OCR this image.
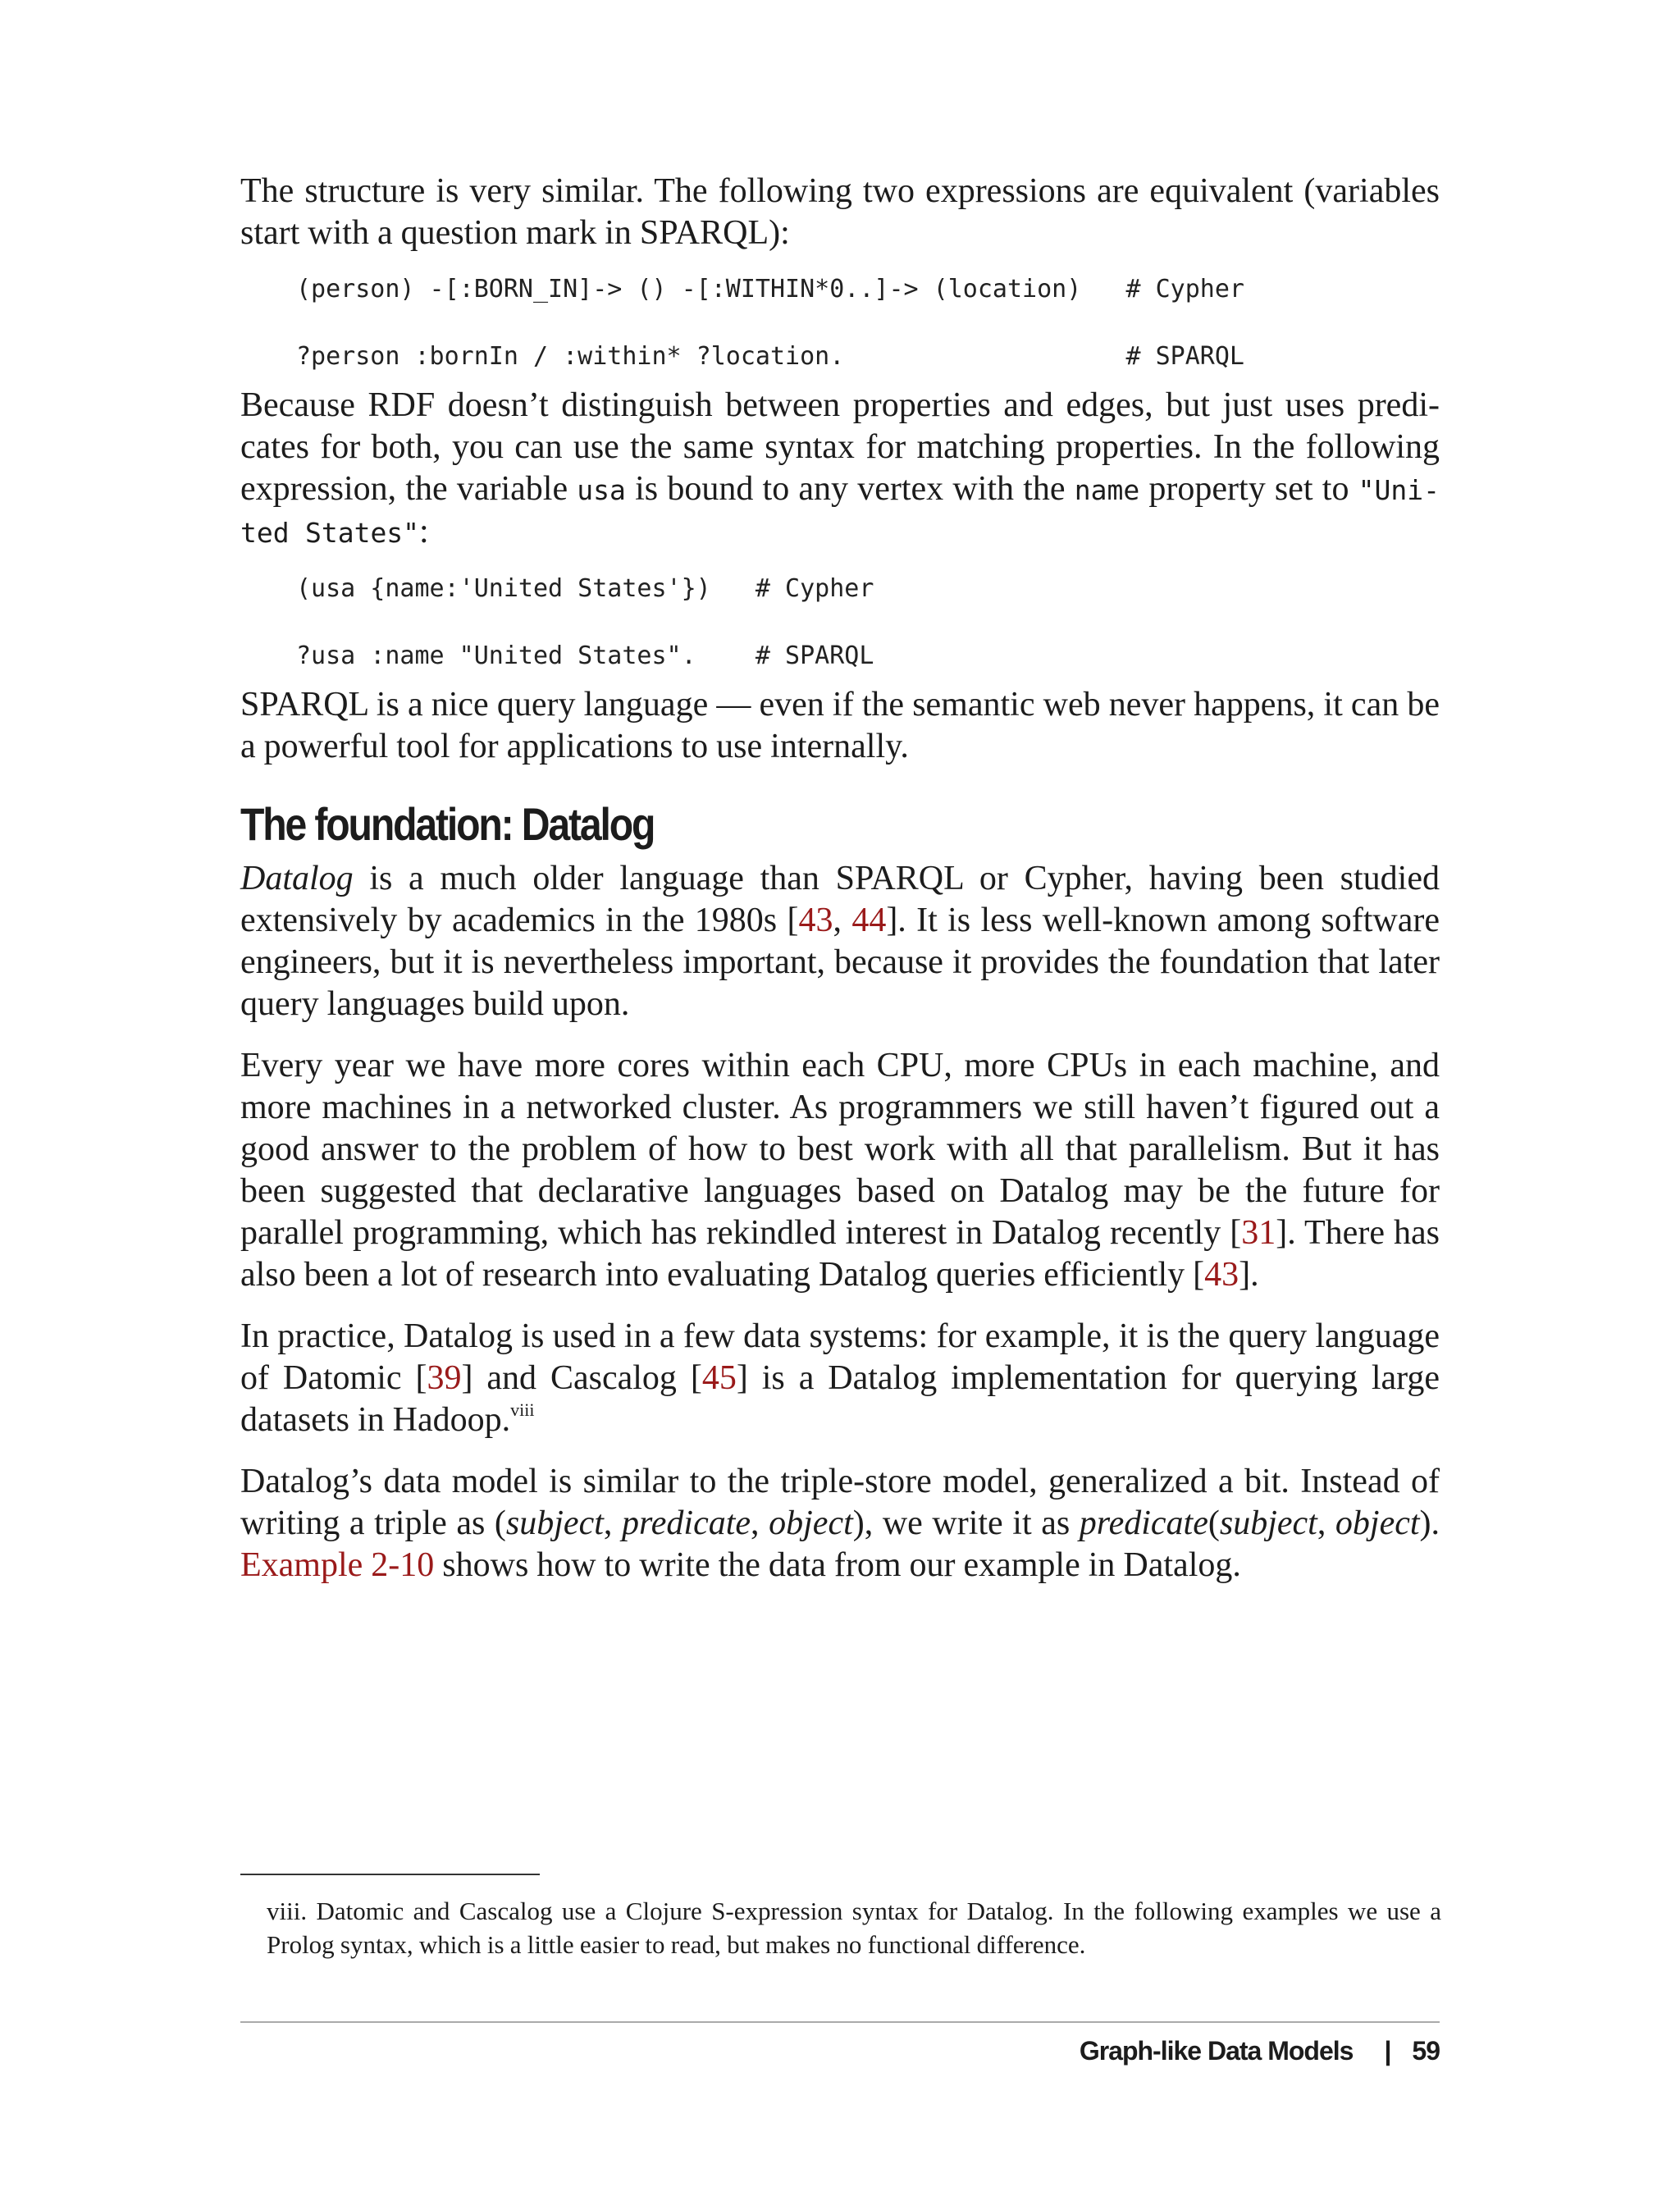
The structure is very similar. The following two expressions are equivalent (variables start with a question mark in SPARQL):

(person) -[:BORN_IN]-> () -[:WITHIN*0..]-> (location)   # Cypher
?person :bornIn / :within* ?location.                   # SPARQL

Because RDF doesn’t distinguish between properties and edges, but just uses predicates for both, you can use the same syntax for matching properties. In the following expression, the variable usa is bound to any vertex with the name property set to "United States":

(usa {name:'United States'})   # Cypher
?usa :name "United States".    # SPARQL

SPARQL is a nice query language — even if the semantic web never happens, it can be a powerful tool for applications to use internally.

The foundation: Datalog

Datalog is a much older language than SPARQL or Cypher, having been studied extensively by academics in the 1980s [43, 44]. It is less well-known among software engineers, but it is nevertheless important, because it provides the foundation that later query languages build upon.

Every year we have more cores within each CPU, more CPUs in each machine, and more machines in a networked cluster. As programmers we still haven’t figured out a good answer to the problem of how to best work with all that parallelism. But it has been suggested that declarative languages based on Datalog may be the future for parallel programming, which has rekindled interest in Datalog recently [31]. There has also been a lot of research into evaluating Datalog queries efficiently [43].

In practice, Datalog is used in a few data systems: for example, it is the query language of Datomic [39] and Cascalog [45] is a Datalog implementation for querying large datasets in Hadoop.$^{viii}$

Datalog’s data model is similar to the triple-store model, generalized a bit. Instead of writing a triple as (subject, predicate, object), we write it as predicate(subject, object). Example 2-10 shows how to write the data from our example in Datalog.

viii. Datomic and Cascalog use a Clojure S-expression syntax for Datalog. In the following examples we use a Prolog syntax, which is a little easier to read, but makes no functional difference.

Graph-like Data Models | 59
